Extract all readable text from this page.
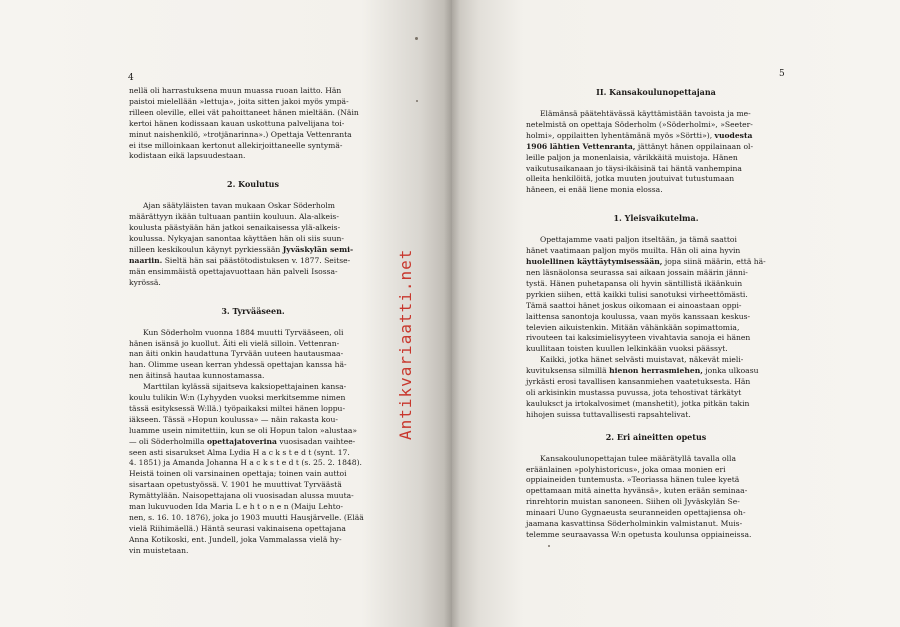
4

nellä oli harrastuksena muun muassa ruoan laitto. Hän

paistoi mielellään »lettuja», joita sitten jakoi myös ympä-

rilleen oleville, ellei vät pahoittaneet hänen mieltään. (Näin

kertoi hänen kodissaan kauan uskottuna palvelijana toi-

minut naishenkilö, »trotjänarinna».) Opettaja Vettenranta

ei itse milloinkaan kertonut allekirjoittaneelle syntymä-

kodistaan eikä lapsuudestaan.

2. Koulutus

Ajan säätyläisten tavan mukaan Oskar Söderholm

määrättyyn ikään tultuaan pantiin kouluun. Ala-alkeis-

koulusta päästyään hän jatkoi senaikaisessa ylä-alkeis-

koulussa. Nykyajan sanontaa käyttäen hän oli siis suun-

nilleen keskikoulun käynyt pyrkiessään Jyväskylän semi-

naariin. Sieltä hän sai päästötodistuksen v. 1877. Seitse-

män ensimmäistä opettajavuottaan hän palveli Isossa-

kyrössä.

3. Tyrvääseen.

Kun Söderholm vuonna 1884 muutti Tyrvääseen, oli

hänen isänsä jo kuollut. Äiti eli vielä silloin. Vettenran-

nan äiti onkin haudattuna Tyrvään uuteen hautausmaa-

han. Olimme usean kerran yhdessä opettajan kanssa hä-

nen äitinsä hautaa kunnostamassa.

Marttilan kylässä sijaitseva kaksiopettajainen kansa-

koulu tulikin W:n (Lyhyyden vuoksi merkitsemme nimen

tässä esityksessä W:llä.) työpaikaksi miltei hänen loppu-

iäkseen. Tässä »Hopun koulussa» — näin rakasta kou-

luamme usein nimitettiin, kun se oli Hopun talon »alustaa»

— oli Söderholmilla opettajatoverina vuosisadan vaihtee-

seen asti sisarukset Alma Lydia H a c k s t e d t (synt. 17.

4. 1851) ja Amanda Johanna H a c k s t e d t (s. 25. 2. 1848).

Heistä toinen oli varsinainen opettaja; toinen vain auttoi

sisartaan opetustyössä. V. 1901 he muuttivat Tyrväästä

Rymättylään. Naisopettajana oli vuosisadan alussa muuta-

man lukuvuoden Ida Maria L e h t o n e n (Maiju Lehto-

nen, s. 16. 10. 1876), joka jo 1903 muutti Hausjärvelle. (Elää

vielä Riihimäellä.) Häntä seurasi vakinaisena opettajana

Anna Kotikoski, ent. Jundell, joka Vammalassa vielä hy-

vin muistetaan.

5
II. Kansakoulunopettajana

Elämänsä päätehtävässä käyttämistään tavoista ja me-

netelmistä on opettaja Söderholm (»Söderholmi», »Seeter-

holmi», oppilaitten lyhentämänä myös »Sörtti»), vuodesta

1906 lähtien Vettenranta, jättänyt hänen oppilainaan ol-

leille paljon ja monenlaisia, värikkäitä muistoja. Hänen

vaikutusaikanaan jo täysi-ikäisinä tai häntä vanhempina

olleita henkilöitä, jotka muuten joutuivat tutustumaan

häneen, ei enää liene monia elossa.

1. Yleisvaikutelma.

Opettajamme vaati paljon itseltään, ja tämä saattoi

hänet vaatimaan paljon myös muilta. Hän oli aina hyvin

huolellinen käyttäytymisessään, jopa siinä määrin, että hä-

nen läsnäolonsa seurassa sai aikaan jossain määrin jänni-

tystä. Hänen puhetapansa oli hyvin säntillistä ikäänkuin

pyrkien siihen, että kaikki tulisi sanotuksi virheettömästi.

Tämä saattoi hänet joskus oikomaan ei ainoastaan oppi-

laittensa sanontoja koulussa, vaan myös kanssaan keskus-

televien aikuistenkin. Mitään vähänkään sopimattomia,

rivouteen tai kaksimielisyyteen vivahtavia sanoja ei hänen

kuullitaan toisten kuullen lelkinkään vuoksi päässyt.

Kaikki, jotka hänet selvästi muistavat, näkevät mieli-

kuvituksensa silmillä hienon herrasmiehen, jonka ulkoasu

jyrkästi erosi tavallisen kansanmiehen vaatetuksesta. Hän

oli arkisinkin mustassa puvussa, jota tehostivat tärkätyt

kauluksct ja irtokalvosimet (manshetit), jotka pitkän takin

hihojen suissa tuttavallisesti rapsahtelivat.

2. Eri aineitten opetus

Kansakoulunopettajan tulee määrätyllä tavalla olla

eräänlainen »polyhistoricus», joka omaa monien eri

oppiaineiden tuntemusta. »Teoriassa hänen tulee kyetä

opettamaan mitä ainetta hyvänsä», kuten erään seminaa-

rinrehtorin muistan sanoneen. Siihen oli Jyväskylän Se-

minaari Uuno Gygnaeusta seuranneiden opettajiensa oh-

jaamana kasvattinsa Söderholminkin valmistanut. Muis-

telemme seuraavassa W:n opetusta koulunsa oppiaineissa.

Antikvariaatti.net
